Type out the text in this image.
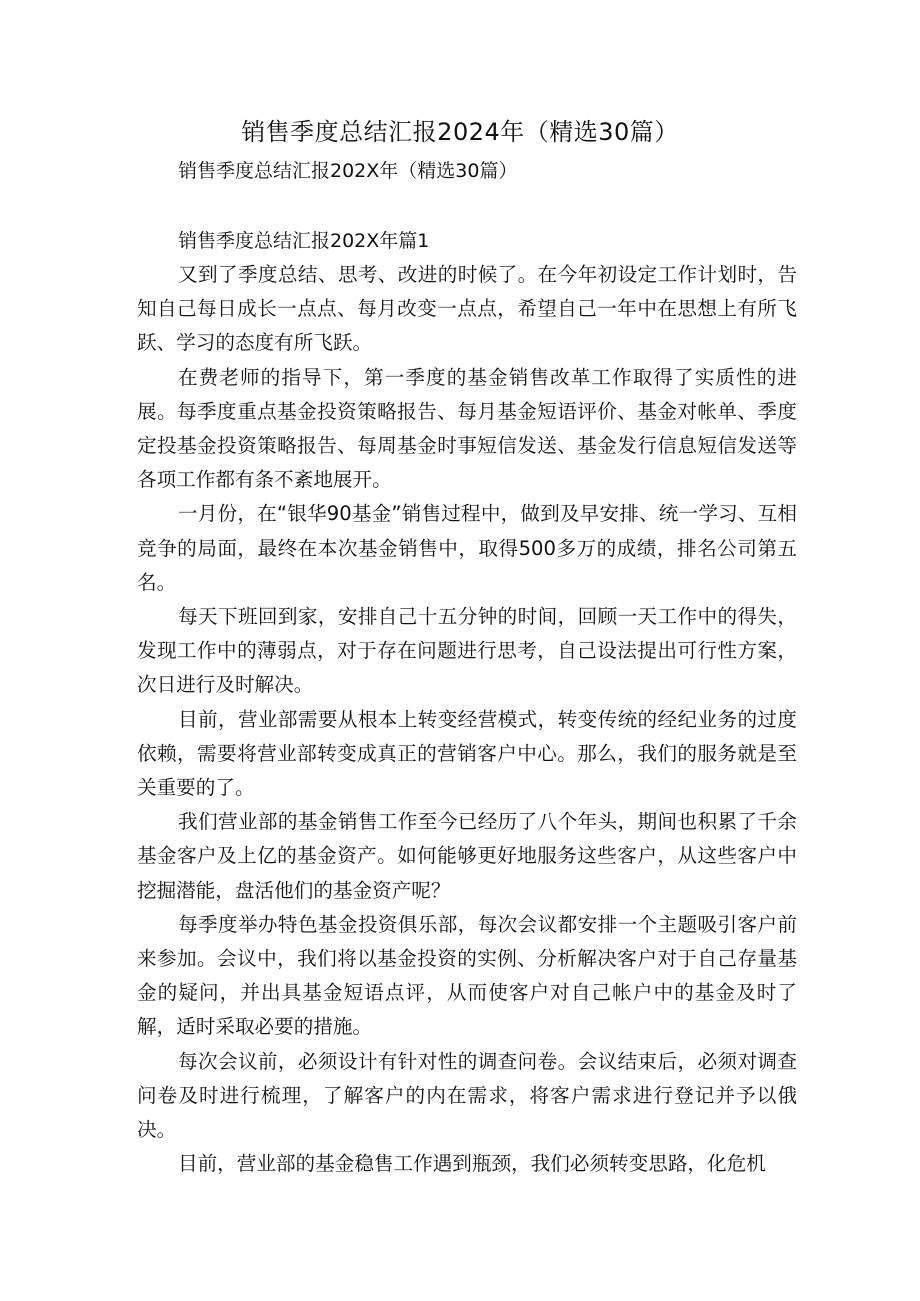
销售季度总结汇报2024年（精选30篇）
销售季度总结汇报202X年（精选30篇）
销售季度总结汇报202X年篇1

又到了季度总结、思考、改进的时候了。在今年初设定工作计划时，告知自己每日成长一点点、每月改变一点点，希望自己一年中在思想上有所飞跃、学习的态度有所飞跃。

在费老师的指导下，第一季度的基金销售改革工作取得了实质性的进展。每季度重点基金投资策略报告、每月基金短语评价、基金对帐单、季度定投基金投资策略报告、每周基金时事短信发送、基金发行信息短信发送等各项工作都有条不紊地展开。

一月份，在“银华90基金”销售过程中，做到及早安排、统一学习、互相竞争的局面，最终在本次基金销售中，取得500多万的成绩，排名公司第五名。

每天下班回到家，安排自己十五分钟的时间，回顾一天工作中的得失，发现工作中的薄弱点，对于存在问题进行思考，自己设法提出可行性方案，次日进行及时解决。

目前，营业部需要从根本上转变经营模式，转变传统的经纪业务的过度依赖，需要将营业部转变成真正的营销客户中心。那么，我们的服务就是至关重要的了。

我们营业部的基金销售工作至今已经历了八个年头，期间也积累了千余基金客户及上亿的基金资产。如何能够更好地服务这些客户，从这些客户中挖掘潜能，盘活他们的基金资产呢？

每季度举办特色基金投资俱乐部，每次会议都安排一个主题吸引客户前来参加。会议中，我们将以基金投资的实例、分析解决客户对于自己存量基金的疑问，并出具基金短语点评，从而使客户对自己帐户中的基金及时了解，适时采取必要的措施。

每次会议前，必须设计有针对性的调查问卷。会议结束后，必须对调查问卷及时进行梳理，了解客户的内在需求，将客户需求进行登记并予以俄决。

目前，营业部的基金稳售工作遇到瓶颈，我们必须转变思路，化危机
